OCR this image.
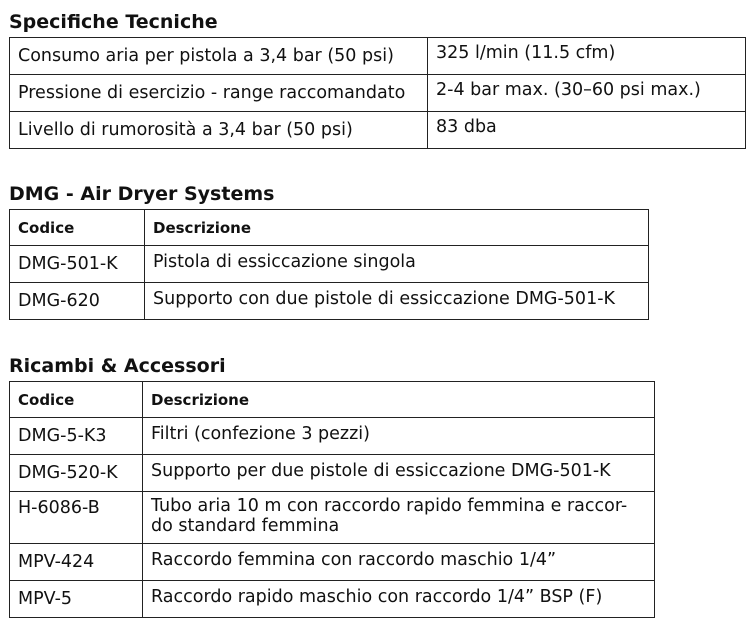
Specifiche Tecniche
Consumo aria per pistola a 3,4 bar (50 psi)	325 l/min (11.5 cfm)
Pressione di esercizio - range raccomandato	2-4 bar max. (30–60 psi max.)
Livello di rumorosità a 3,4 bar (50 psi)	83 dba
DMG - Air Dryer Systems
Codice	Descrizione
DMG-501-K	Pistola di essiccazione singola
DMG-620	Supporto con due pistole di essiccazione DMG-501-K
Ricambi & Accessori
Codice	Descrizione
DMG-5-K3	Filtri (confezione 3 pezzi)
DMG-520-K	Supporto per due pistole di essiccazione DMG-501-K
H-6086-B	Tubo aria 10 m con raccordo rapido femmina e raccor-
do standard femmina
MPV-424	Raccordo femmina con raccordo maschio 1/4”
MPV-5	Raccordo rapido maschio con raccordo 1/4” BSP (F)
